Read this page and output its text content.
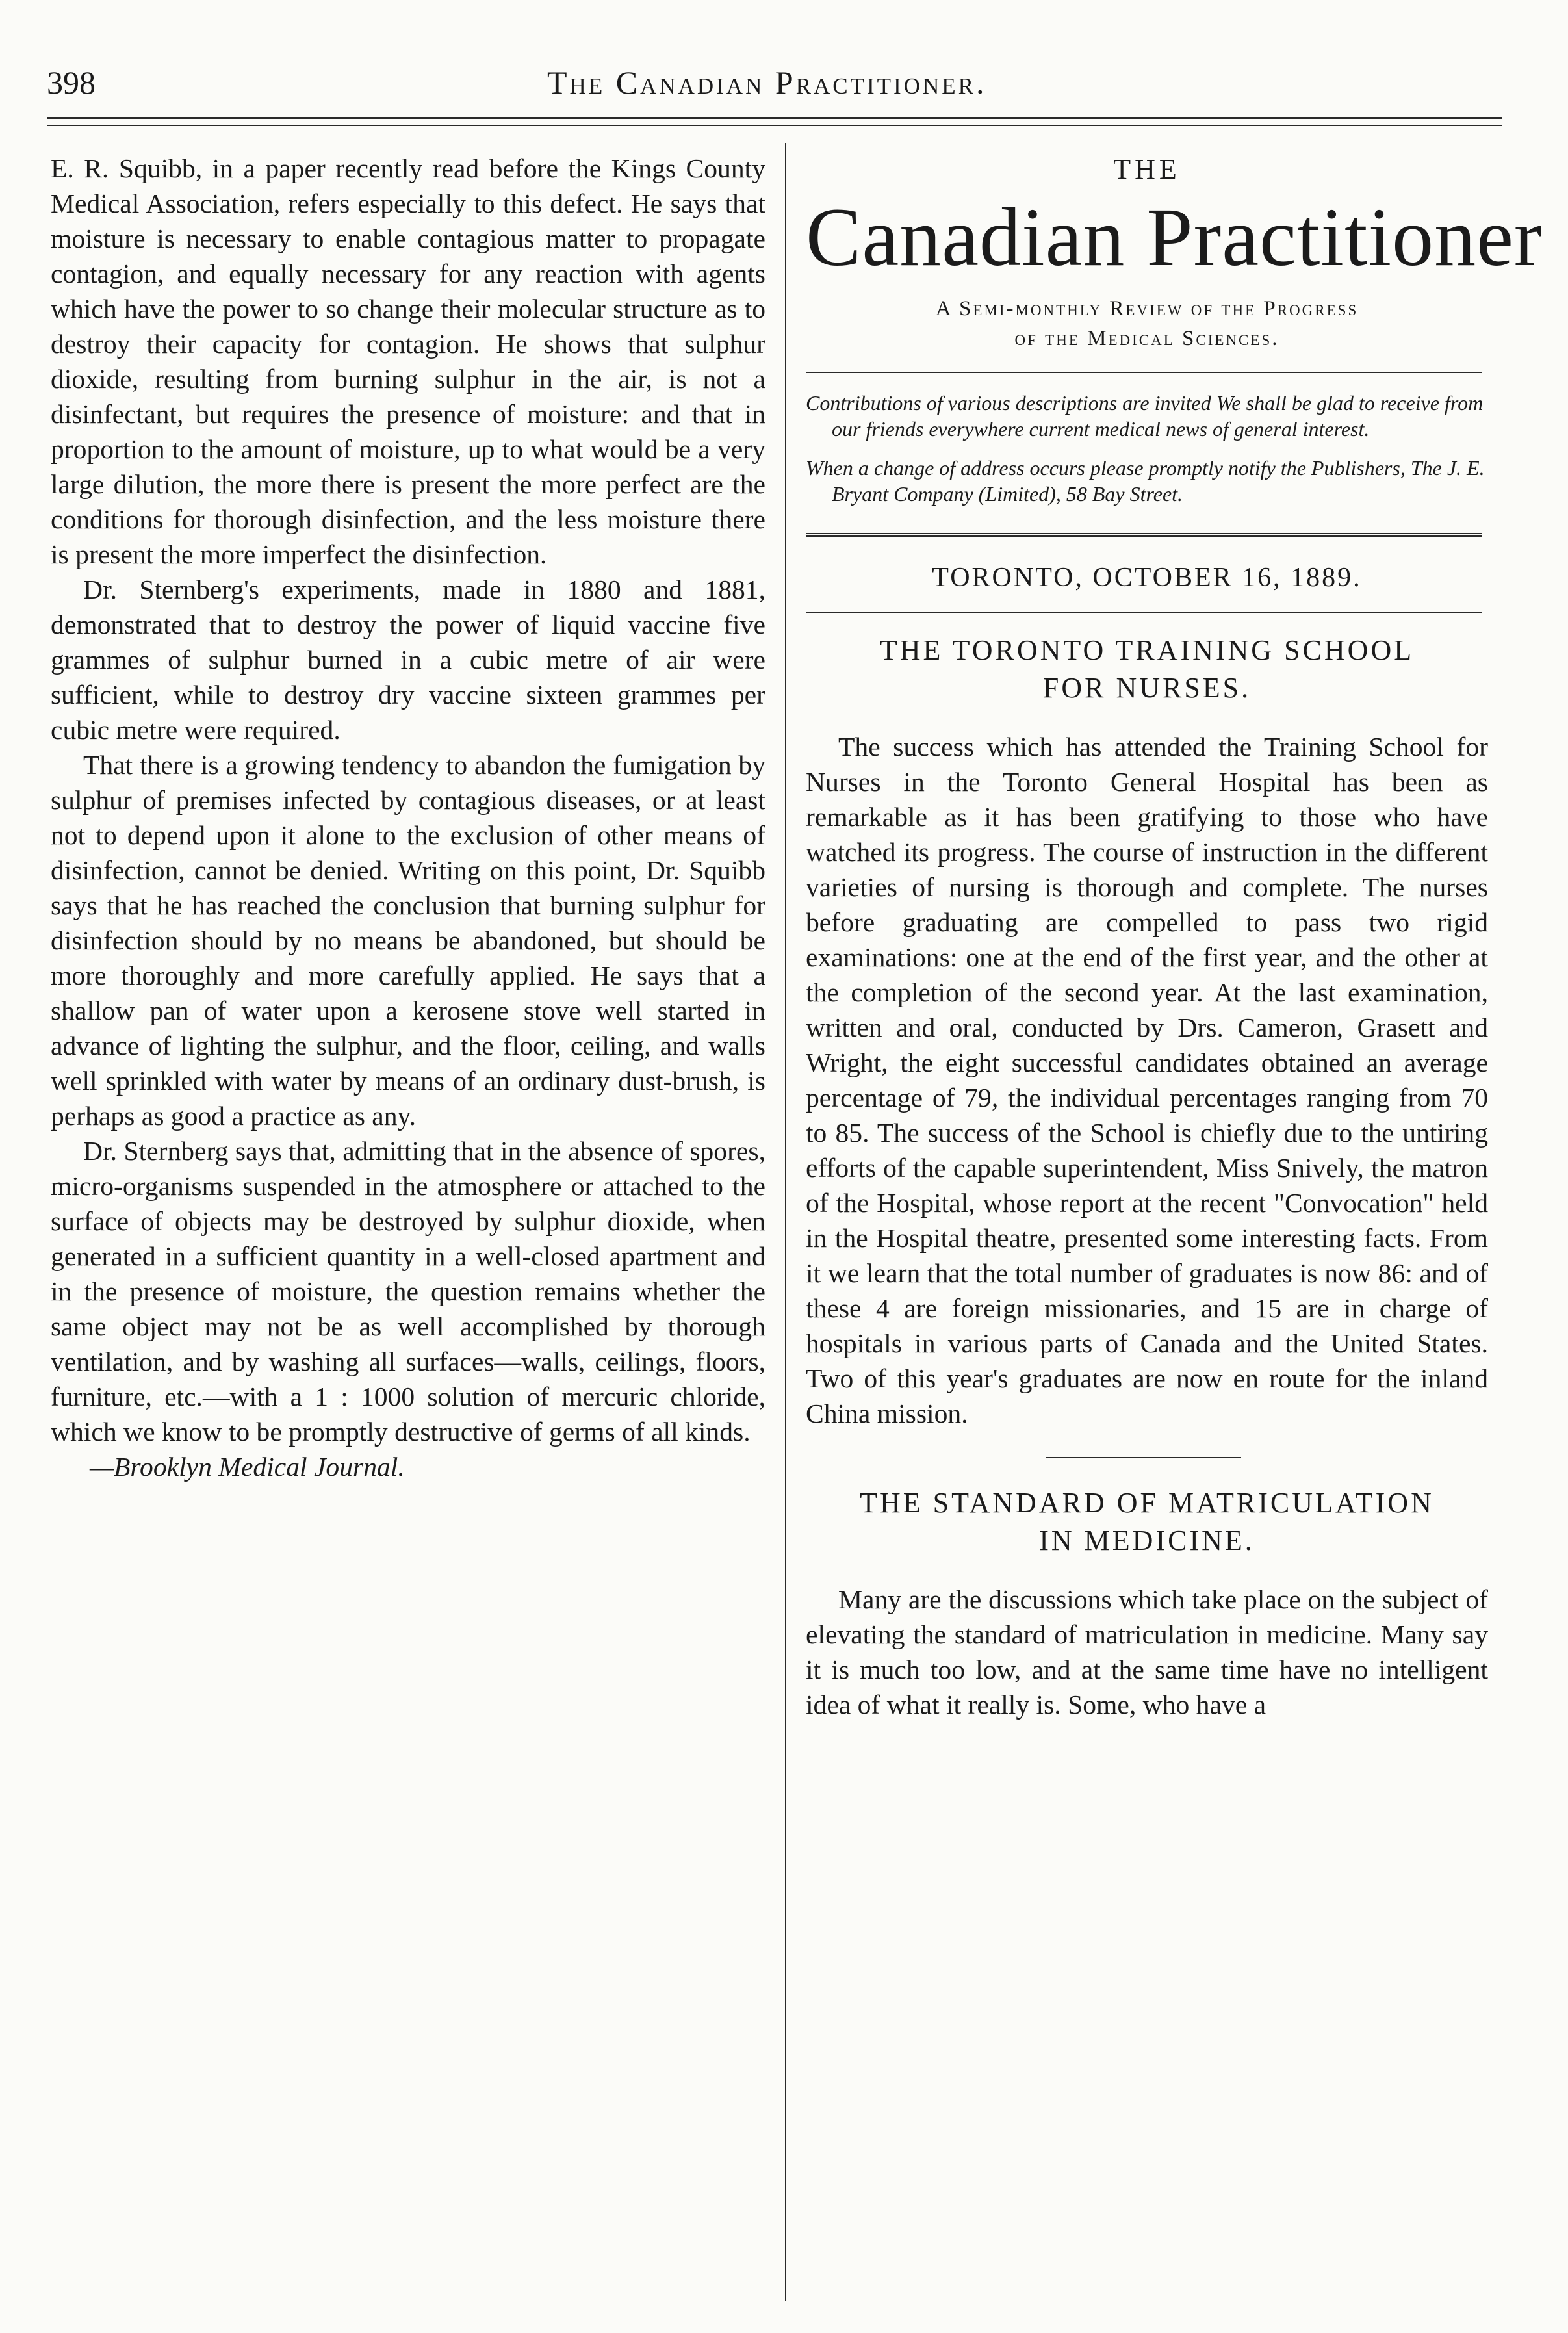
398	The Canadian Practitioner.

E. R. Squibb, in a paper recently read before the Kings County Medical Association, refers especially to this defect. He says that moisture is necessary to enable contagious matter to propagate contagion, and equally necessary for any reaction with agents which have the power to so change their molecular structure as to destroy their capacity for contagion. He shows that sulphur dioxide, resulting from burning sulphur in the air, is not a disinfectant, but requires the presence of moisture: and that in proportion to the amount of moisture, up to what would be a very large dilution, the more there is present the more perfect are the conditions for thorough disinfection, and the less moisture there is present the more imperfect the disinfection.

Dr. Sternberg's experiments, made in 1880 and 1881, demonstrated that to destroy the power of liquid vaccine five grammes of sulphur burned in a cubic metre of air were sufficient, while to destroy dry vaccine sixteen grammes per cubic metre were required.

That there is a growing tendency to abandon the fumigation by sulphur of premises infected by contagious diseases, or at least not to depend upon it alone to the exclusion of other means of disinfection, cannot be denied. Writing on this point, Dr. Squibb says that he has reached the conclusion that burning sulphur for disinfection should by no means be abandoned, but should be more thoroughly and more carefully applied. He says that a shallow pan of water upon a kerosene stove well started in advance of lighting the sulphur, and the floor, ceiling, and walls well sprinkled with water by means of an ordinary dust-brush, is perhaps as good a practice as any.

Dr. Sternberg says that, admitting that in the absence of spores, micro-organisms suspended in the atmosphere or attached to the surface of objects may be destroyed by sulphur dioxide, when generated in a sufficient quantity in a well-closed apartment and in the presence of moisture, the question remains whether the same object may not be as well accomplished by thorough ventilation, and by washing all surfaces—walls, ceilings, floors, furniture, etc.—with a 1 : 1000 solution of mercuric chloride, which we know to be promptly destructive of germs of all kinds.

—Brooklyn Medical Journal.

THE
Canadian Practitioner
A Semi-monthly Review of the Progress
of the Medical Sciences.

Contributions of various descriptions are invited We shall be glad to receive from our friends everywhere current medical news of general interest.

When a change of address occurs please promptly notify the Publishers, The J. E. Bryant Company (Limited), 58 Bay Street.

TORONTO, OCTOBER 16, 1889.
THE TORONTO TRAINING SCHOOL
FOR NURSES.

The success which has attended the Training School for Nurses in the Toronto General Hospital has been as remarkable as it has been gratifying to those who have watched its progress. The course of instruction in the different varieties of nursing is thorough and complete. The nurses before graduating are compelled to pass two rigid examinations: one at the end of the first year, and the other at the completion of the second year. At the last examination, written and oral, conducted by Drs. Cameron, Grasett and Wright, the eight successful candidates obtained an average percentage of 79, the individual percentages ranging from 70 to 85. The success of the School is chiefly due to the untiring efforts of the capable superintendent, Miss Snively, the matron of the Hospital, whose report at the recent "Convocation" held in the Hospital theatre, presented some interesting facts. From it we learn that the total number of graduates is now 86: and of these 4 are foreign missionaries, and 15 are in charge of hospitals in various parts of Canada and the United States. Two of this year's graduates are now en route for the inland China mission.

THE STANDARD OF MATRICULATION
IN MEDICINE.

Many are the discussions which take place on the subject of elevating the standard of matriculation in medicine. Many say it is much too low, and at the same time have no intelligent idea of what it really is. Some, who have a
